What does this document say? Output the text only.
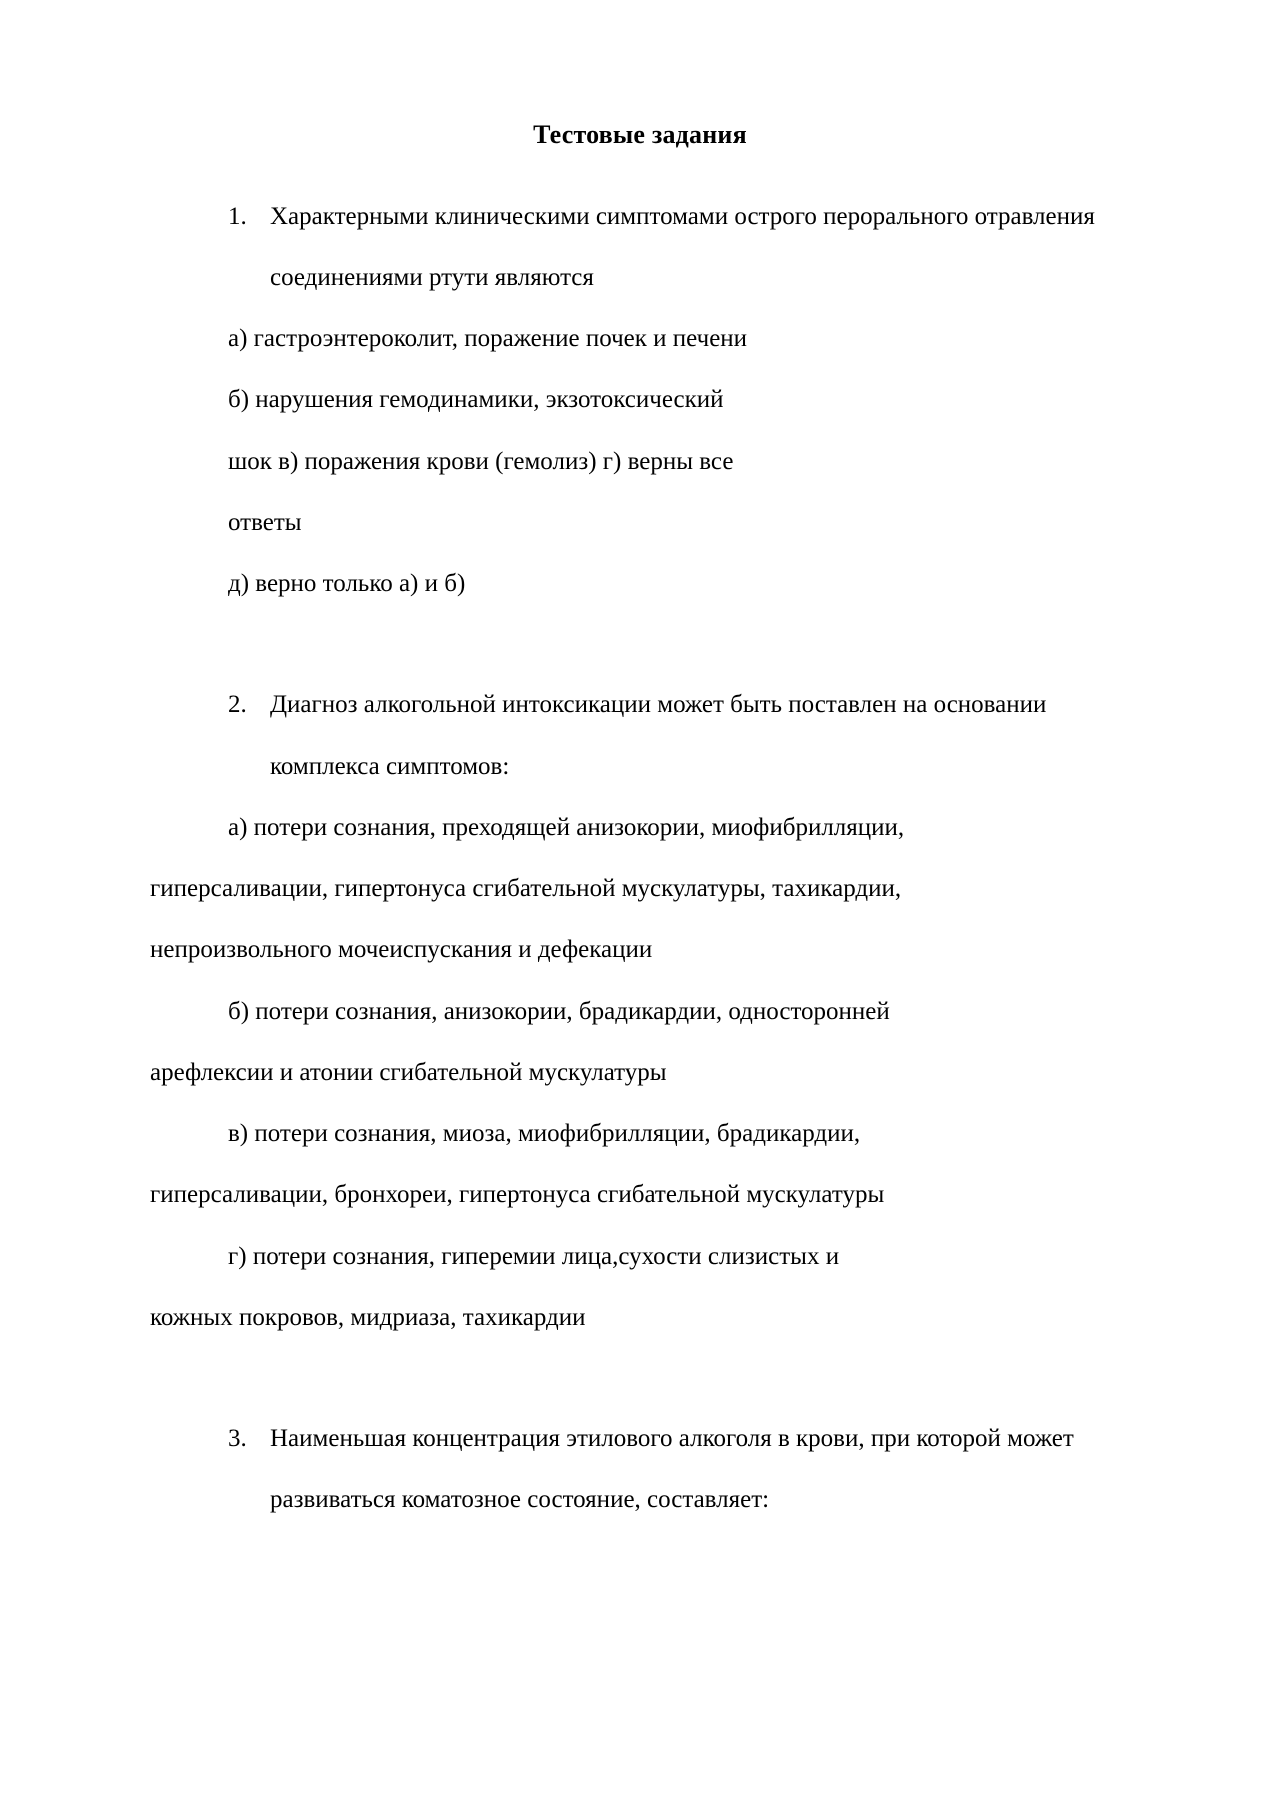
Тестовые задания
1. Характерными клиническими симптомами острого перорального отравления соединениями ртути являются
а) гастроэнтероколит, поражение почек и печени
б) нарушения гемодинамики, экзотоксический
шок в) поражения крови (гемолиз) г) верны все
ответы
д) верно только а) и б)
2. Диагноз алкогольной интоксикации может быть поставлен на основании комплекса симптомов:
а) потери сознания, преходящей анизокории, миофибрилляции,
гиперсаливации, гипертонуса сгибательной мускулатуры, тахикардии,
непроизвольного мочеиспускания и дефекации
б) потери сознания, анизокории, брадикардии, односторонней
арефлексии и атонии сгибательной мускулатуры
в) потери сознания, миоза, миофибрилляции, брадикардии,
гиперсаливации, бронхореи, гипертонуса сгибательной мускулатуры
г) потери сознания, гиперемии лица,сухости слизистых и
кожных покровов, мидриаза, тахикардии
3. Наименьшая концентрация этилового алкоголя в крови, при которой может развиваться коматозное состояние, составляет:
